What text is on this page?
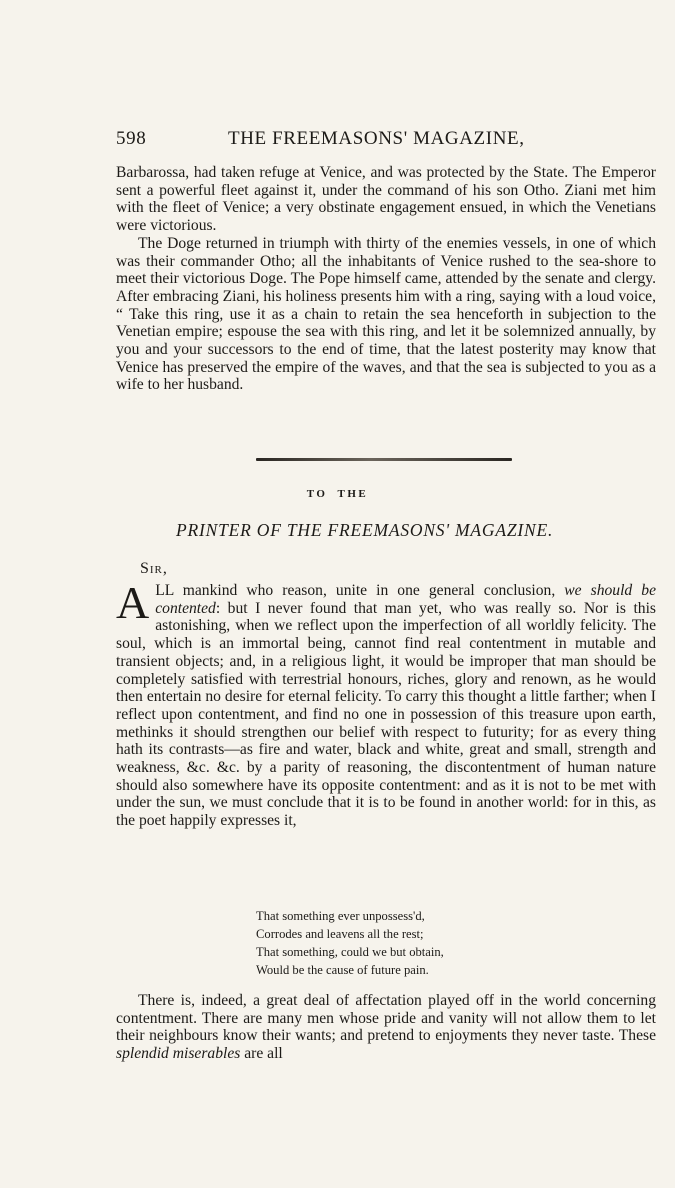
598	THE FREEMASONS' MAGAZINE,

Barbarossa, had taken refuge at Venice, and was protected by the State. The Emperor sent a powerful fleet against it, under the command of his son Otho. Ziani met him with the fleet of Venice; a very obstinate engagement ensued, in which the Venetians were victorious.

The Doge returned in triumph with thirty of the enemies vessels, in one of which was their commander Otho; all the inhabitants of Venice rushed to the sea-shore to meet their victorious Doge. The Pope himself came, attended by the senate and clergy. After embracing Ziani, his holiness presents him with a ring, saying with a loud voice, “ Take this ring, use it as a chain to retain the sea henceforth in subjection to the Venetian empire; espouse the sea with this ring, and let it be solemnized annually, by you and your successors to the end of time, that the latest posterity may know that Venice has preserved the empire of the waves, and that the sea is subjected to you as a wife to her husband.

TO THE
PRINTER OF THE FREEMASONS' MAGAZINE.
Sir,

ALL mankind who reason, unite in one general conclusion, we should be contented: but I never found that man yet, who was really so. Nor is this astonishing, when we reflect upon the imperfection of all worldly felicity. The soul, which is an immortal being, cannot find real contentment in mutable and transient objects; and, in a religious light, it would be improper that man should be completely satisfied with terrestrial honours, riches, glory and renown, as he would then entertain no desire for eternal felicity. To carry this thought a little farther; when I reflect upon contentment, and find no one in possession of this treasure upon earth, methinks it should strengthen our belief with respect to futurity; for as every thing hath its contrasts—as fire and water, black and white, great and small, strength and weakness, &c. &c. by a parity of reasoning, the discontentment of human nature should also somewhere have its opposite contentment: and as it is not to be met with under the sun, we must conclude that it is to be found in another world: for in this, as the poet happily expresses it,

That something ever unpossess'd,
Corrodes and leavens all the rest;
That something, could we but obtain,
Would be the cause of future pain.

There is, indeed, a great deal of affectation played off in the world concerning contentment. There are many men whose pride and vanity will not allow them to let their neighbours know their wants; and pretend to enjoyments they never taste. These splendid miserables are all
